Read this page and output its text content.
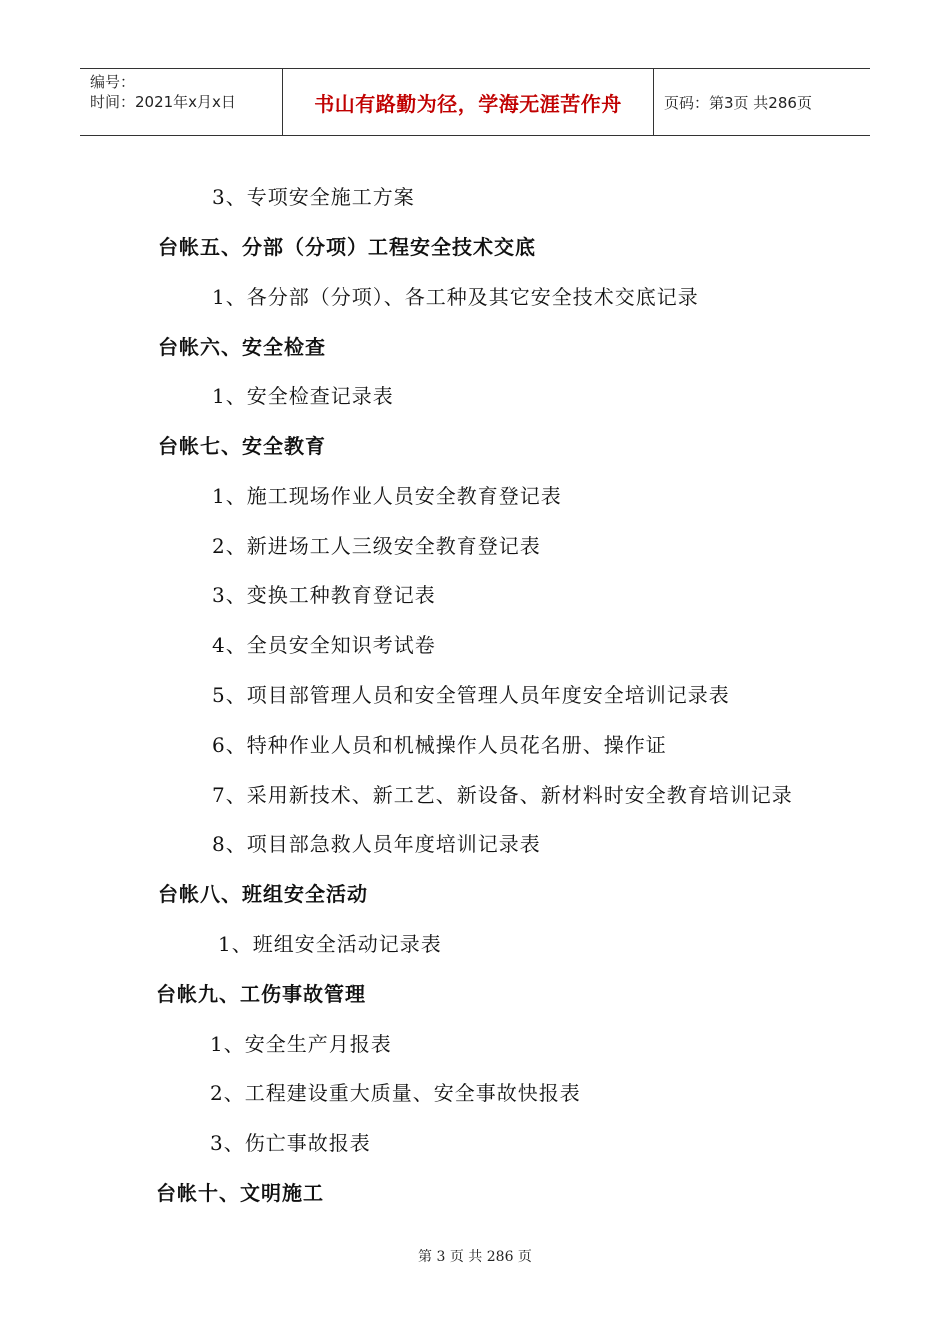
编号：
时间：2021年x月x日	书山有路勤为径，学海无涯苦作舟	页码：第3页 共286页
3、专项安全施工方案
台帐五、分部（分项）工程安全技术交底
1、各分部（分项）、各工种及其它安全技术交底记录
台帐六、安全检查
1、安全检查记录表
台帐七、安全教育
1、施工现场作业人员安全教育登记表
2、新进场工人三级安全教育登记表
3、变换工种教育登记表
4、全员安全知识考试卷
5、项目部管理人员和安全管理人员年度安全培训记录表
6、特种作业人员和机械操作人员花名册、操作证
7、采用新技术、新工艺、新设备、新材料时安全教育培训记录
8、项目部急救人员年度培训记录表
台帐八、班组安全活动
1、班组安全活动记录表
台帐九、工伤事故管理
1、安全生产月报表
2、工程建设重大质量、安全事故快报表
3、伤亡事故报表
台帐十、文明施工
第 3 页 共 286 页
